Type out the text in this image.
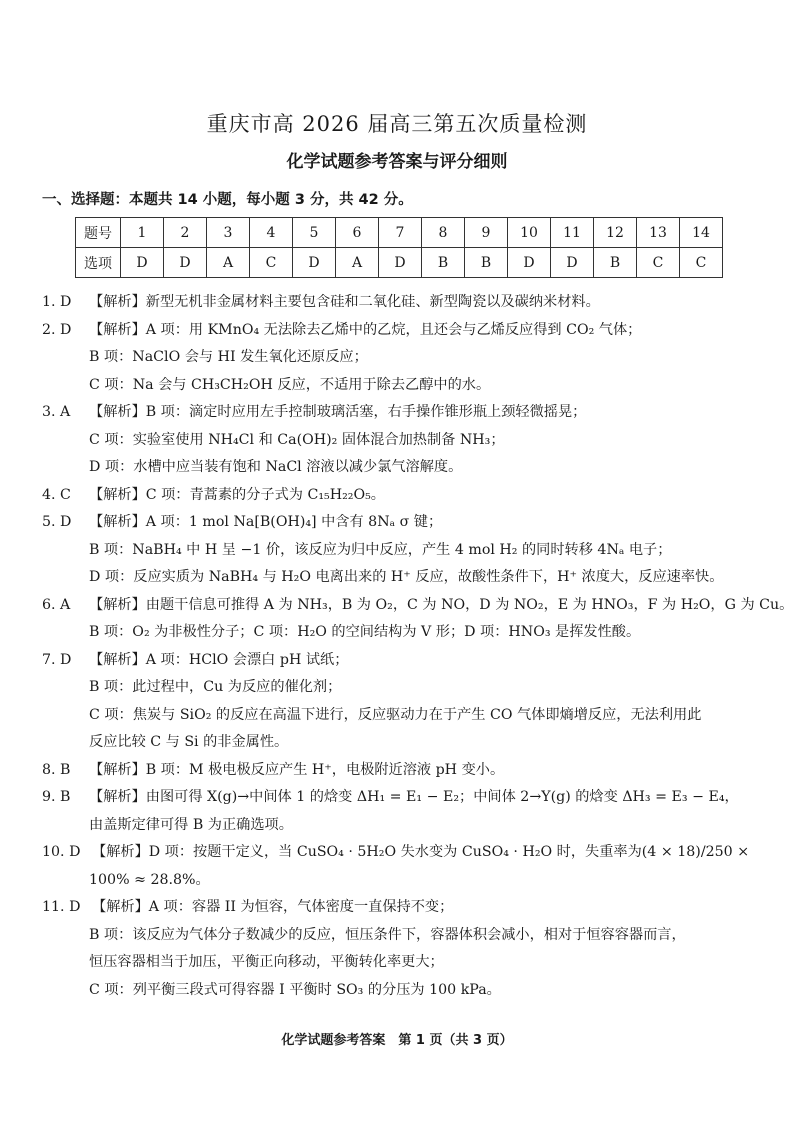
重庆市高 2026 届高三第五次质量检测
化学试题参考答案与评分细则
一、选择题：本题共 14 小题，每小题 3 分，共 42 分。
题号	1	2	3	4	5	6	7	8	9	10	11	12	13	14
选项	D	D	A	C	D	A	D	B	B	D	D	B	C	C
1. D 【解析】新型无机非金属材料主要包含硅和二氧化硅、新型陶瓷以及碳纳米材料。
2. D 【解析】A 项：用 KMnO₄ 无法除去乙烯中的乙烷，且还会与乙烯反应得到 CO₂ 气体；
B 项：NaClO 会与 HI 发生氧化还原反应；
C 项：Na 会与 CH₃CH₂OH 反应，不适用于除去乙醇中的水。
3. A 【解析】B 项：滴定时应用左手控制玻璃活塞，右手操作锥形瓶上颈轻微摇晃；
C 项：实验室使用 NH₄Cl 和 Ca(OH)₂ 固体混合加热制备 NH₃；
D 项：水槽中应当装有饱和 NaCl 溶液以减少氯气溶解度。
4. C 【解析】C 项：青蒿素的分子式为 C₁₅H₂₂O₅。
5. D 【解析】A 项：1 mol Na[B(OH)₄] 中含有 8Nₐ σ 键；
B 项：NaBH₄ 中 H 呈 −1 价，该反应为归中反应，产生 4 mol H₂ 的同时转移 4Nₐ 电子；
D 项：反应实质为 NaBH₄ 与 H₂O 电离出来的 H⁺ 反应，故酸性条件下，H⁺ 浓度大，反应速率快。
6. A 【解析】由题干信息可推得 A 为 NH₃，B 为 O₂，C 为 NO，D 为 NO₂，E 为 HNO₃，F 为 H₂O，G 为 Cu。
B 项：O₂ 为非极性分子；C 项：H₂O 的空间结构为 V 形；D 项：HNO₃ 是挥发性酸。
7. D 【解析】A 项：HClO 会漂白 pH 试纸；
B 项：此过程中，Cu 为反应的催化剂；
C 项：焦炭与 SiO₂ 的反应在高温下进行，反应驱动力在于产生 CO 气体即熵增反应，无法利用此
反应比较 C 与 Si 的非金属性。
8. B 【解析】B 项：M 极电极反应产生 H⁺，电极附近溶液 pH 变小。
9. B 【解析】由图可得 X(g)→中间体 1 的焓变 ΔH₁ = E₁ − E₂；中间体 2→Y(g) 的焓变 ΔH₃ = E₃ − E₄，
由盖斯定律可得 B 为正确选项。
10. D 【解析】D 项：按题干定义，当 CuSO₄ · 5H₂O 失水变为 CuSO₄ · H₂O 时，失重率为(4 × 18)/250 ×
100% ≈ 28.8%。
11. D 【解析】A 项：容器 II 为恒容，气体密度一直保持不变；
B 项：该反应为气体分子数减少的反应，恒压条件下，容器体积会减小，相对于恒容容器而言，
恒压容器相当于加压，平衡正向移动，平衡转化率更大；
C 项：列平衡三段式可得容器 I 平衡时 SO₃ 的分压为 100 kPa。
化学试题参考答案　第 1 页（共 3 页）
